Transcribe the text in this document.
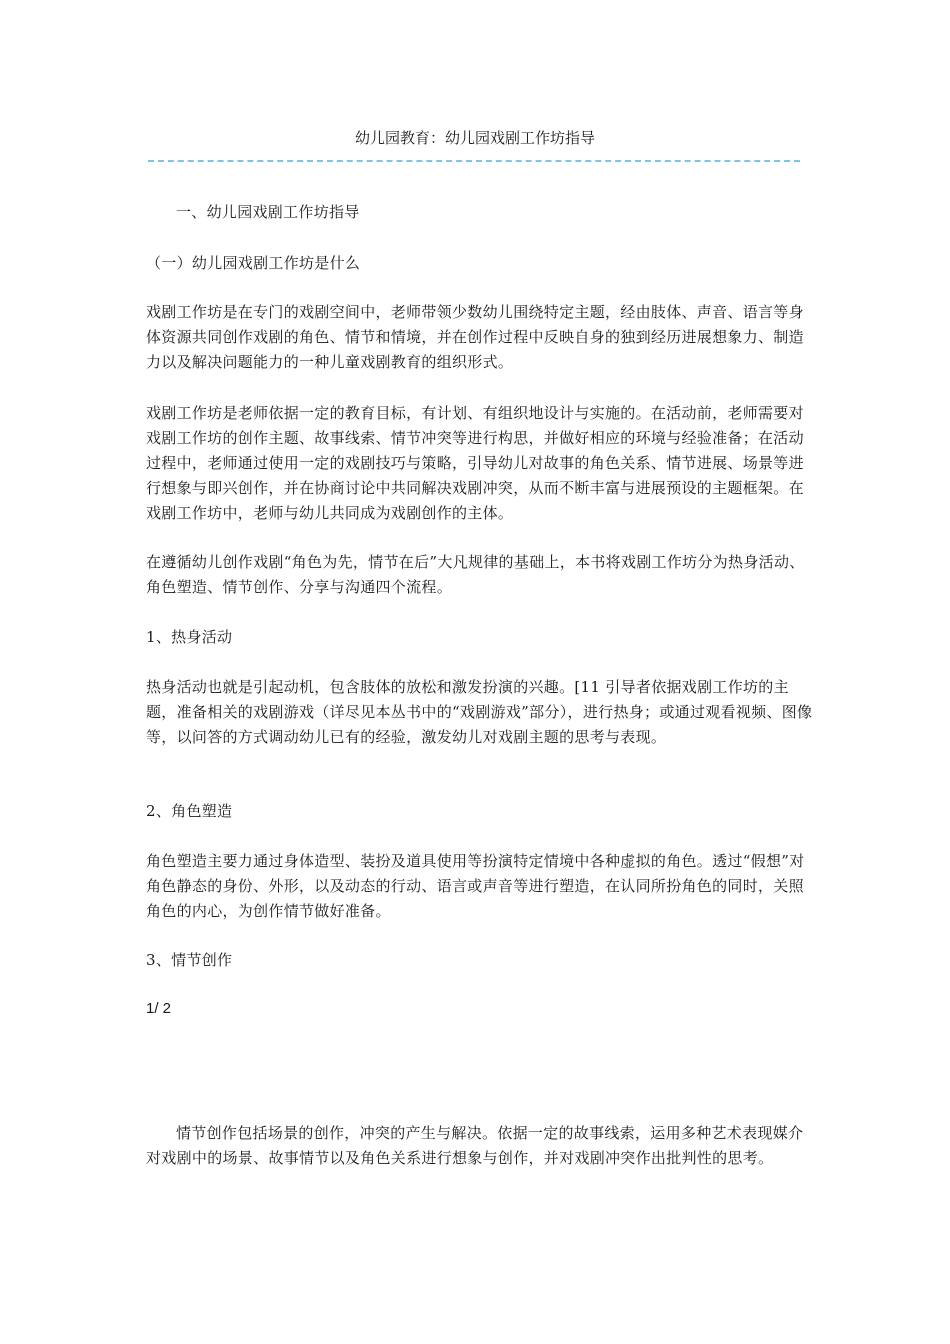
幼儿园教育：幼儿园戏剧工作坊指导
一、幼儿园戏剧工作坊指导
（一）幼儿园戏剧工作坊是什么
戏剧工作坊是在专门的戏剧空间中，老师带领少数幼儿围绕特定主题，经由肢体、声音、语言等身体资源共同创作戏剧的角色、情节和情境，并在创作过程中反映自身的独到经历进展想象力、制造力以及解决问题能力的一种儿童戏剧教育的组织形式。
戏剧工作坊是老师依据一定的教育目标，有计划、有组织地设计与实施的。在活动前，老师需要对戏剧工作坊的创作主题、故事线索、情节冲突等进行构思，并做好相应的环境与经验准备；在活动过程中，老师通过使用一定的戏剧技巧与策略，引导幼儿对故事的角色关系、情节进展、场景等进行想象与即兴创作，并在协商讨论中共同解决戏剧冲突，从而不断丰富与进展预设的主题框架。在戏剧工作坊中，老师与幼儿共同成为戏剧创作的主体。
在遵循幼儿创作戏剧“角色为先，情节在后”大凡规律的基础上，本书将戏剧工作坊分为热身活动、角色塑造、情节创作、分享与沟通四个流程。
1、热身活动
热身活动也就是引起动机，包含肢体的放松和激发扮演的兴趣。[11 引导者依据戏剧工作坊的主题，准备相关的戏剧游戏（详尽见本丛书中的“戏剧游戏”部分），进行热身；或通过观看视频、图像等，以问答的方式调动幼儿已有的经验，激发幼儿对戏剧主题的思考与表现。
2、角色塑造
角色塑造主要力通过身体造型、装扮及道具使用等扮演特定情境中各种虚拟的角色。透过“假想”对角色静态的身份、外形，以及动态的行动、语言或声音等进行塑造，在认同所扮角色的同时，关照角色的内心，为创作情节做好准备。
3、情节创作
1/ 2
情节创作包括场景的创作，冲突的产生与解决。依据一定的故事线索，运用多种艺术表现媒介对戏剧中的场景、故事情节以及角色关系进行想象与创作，并对戏剧冲突作出批判性的思考。
